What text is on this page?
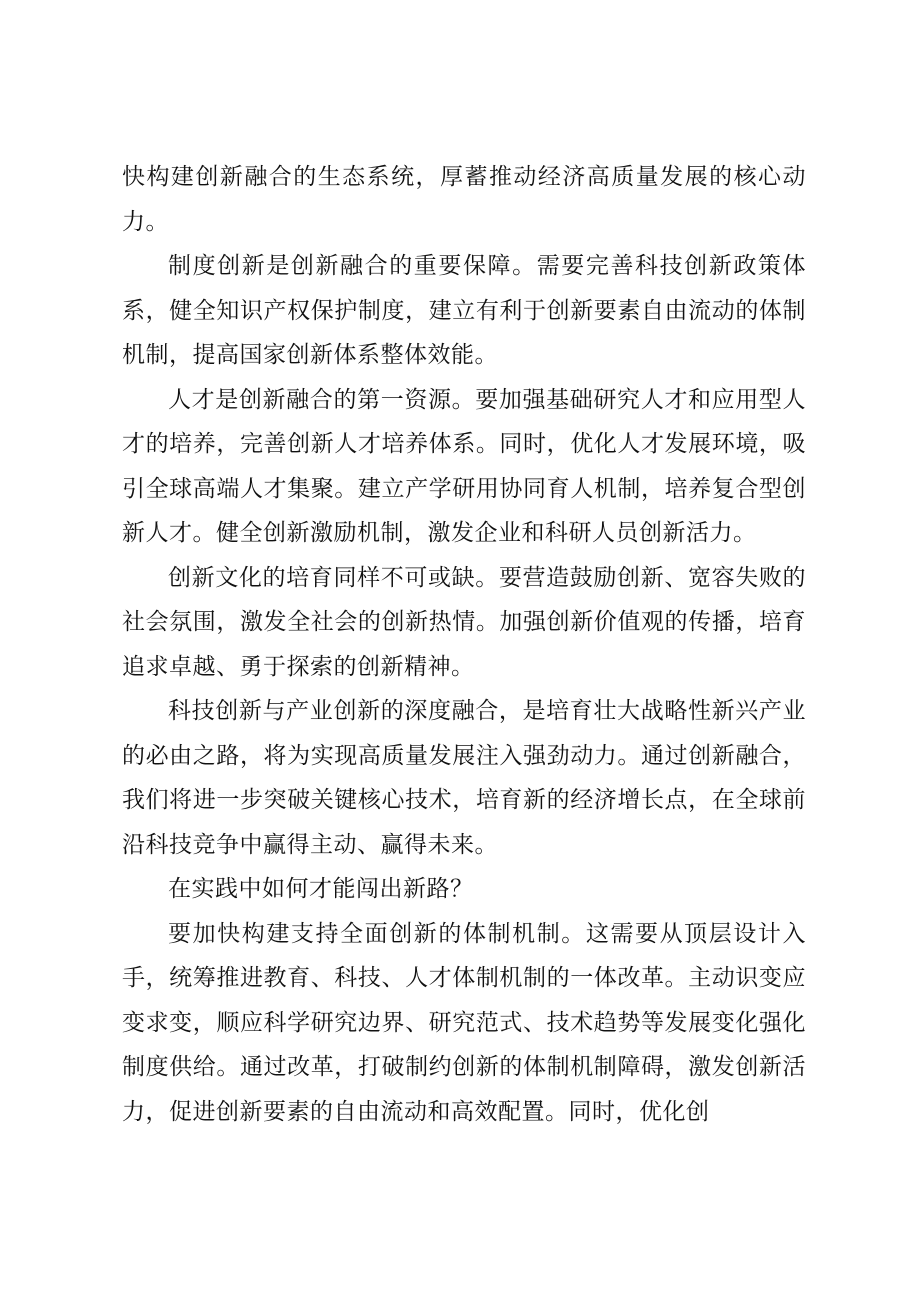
快构建创新融合的生态系统，厚蓄推动经济高质量发展的核心动力。

制度创新是创新融合的重要保障。需要完善科技创新政策体系，健全知识产权保护制度，建立有利于创新要素自由流动的体制机制，提高国家创新体系整体效能。

人才是创新融合的第一资源。要加强基础研究人才和应用型人才的培养，完善创新人才培养体系。同时，优化人才发展环境，吸引全球高端人才集聚。建立产学研用协同育人机制，培养复合型创新人才。健全创新激励机制，激发企业和科研人员创新活力。

创新文化的培育同样不可或缺。要营造鼓励创新、宽容失败的社会氛围，激发全社会的创新热情。加强创新价值观的传播，培育追求卓越、勇于探索的创新精神。

科技创新与产业创新的深度融合，是培育壮大战略性新兴产业的必由之路，将为实现高质量发展注入强劲动力。通过创新融合，我们将进一步突破关键核心技术，培育新的经济增长点，在全球前沿科技竞争中赢得主动、赢得未来。

在实践中如何才能闯出新路？

要加快构建支持全面创新的体制机制。这需要从顶层设计入手，统筹推进教育、科技、人才体制机制的一体改革。主动识变应变求变，顺应科学研究边界、研究范式、技术趋势等发展变化强化制度供给。通过改革，打破制约创新的体制机制障碍，激发创新活力，促进创新要素的自由流动和高效配置。同时，优化创
